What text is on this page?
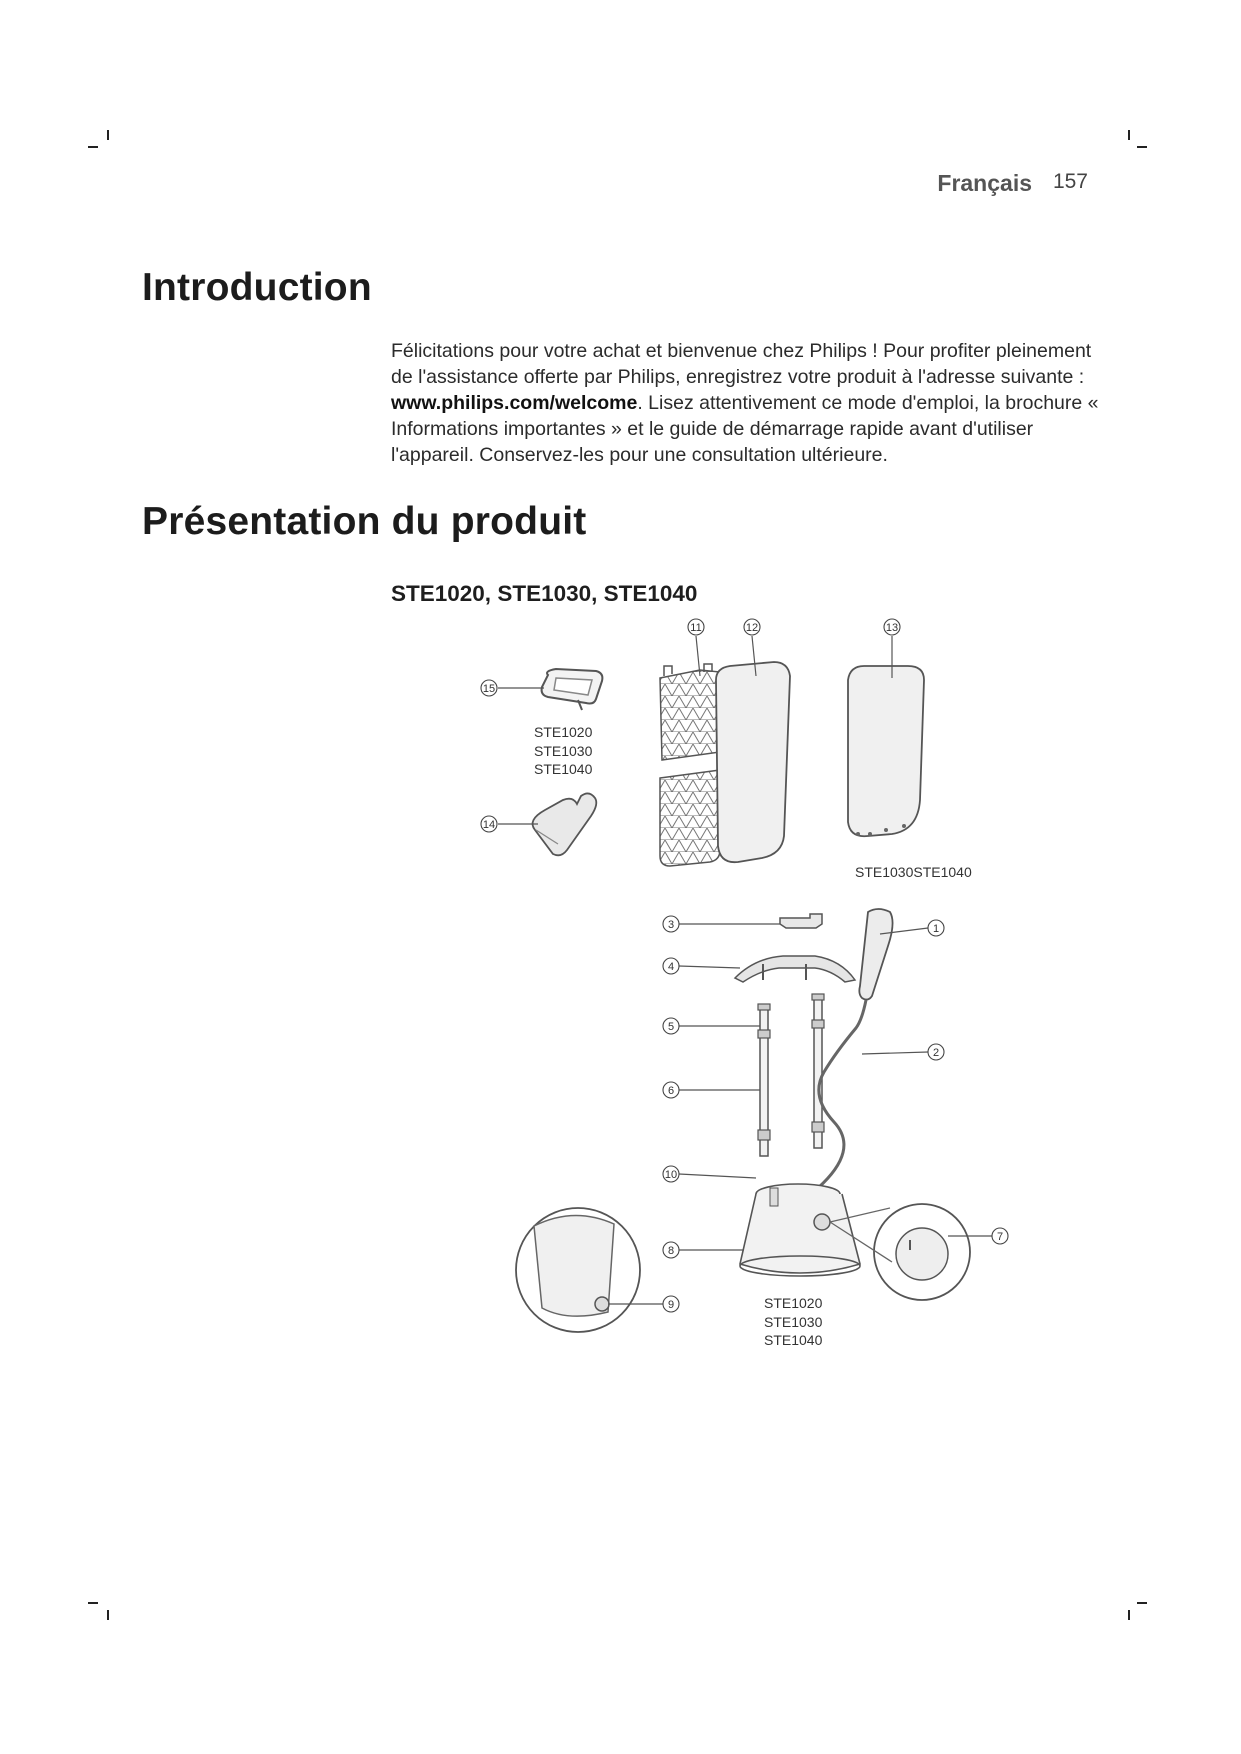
Français 157
Introduction

Félicitations pour votre achat et bienvenue chez Philips ! Pour profiter pleinement de l'assistance offerte par Philips, enregistrez votre produit à l'adresse suivante : www.philips.com/welcome. Lisez attentivement ce mode d'emploi, la brochure « Informations importantes » et le guide de démarrage rapide avant d'utiliser l'appareil. Conservez-les pour une consultation ultérieure.

Présentation du produit

STE1020, STE1030, STE1040

STE1020
STE1030
STE1040
STE1030STE1040
STE1020
STE1030
STE1040
11	12	13
15
14
3	1
4
5
2
6
10
7
8
9
